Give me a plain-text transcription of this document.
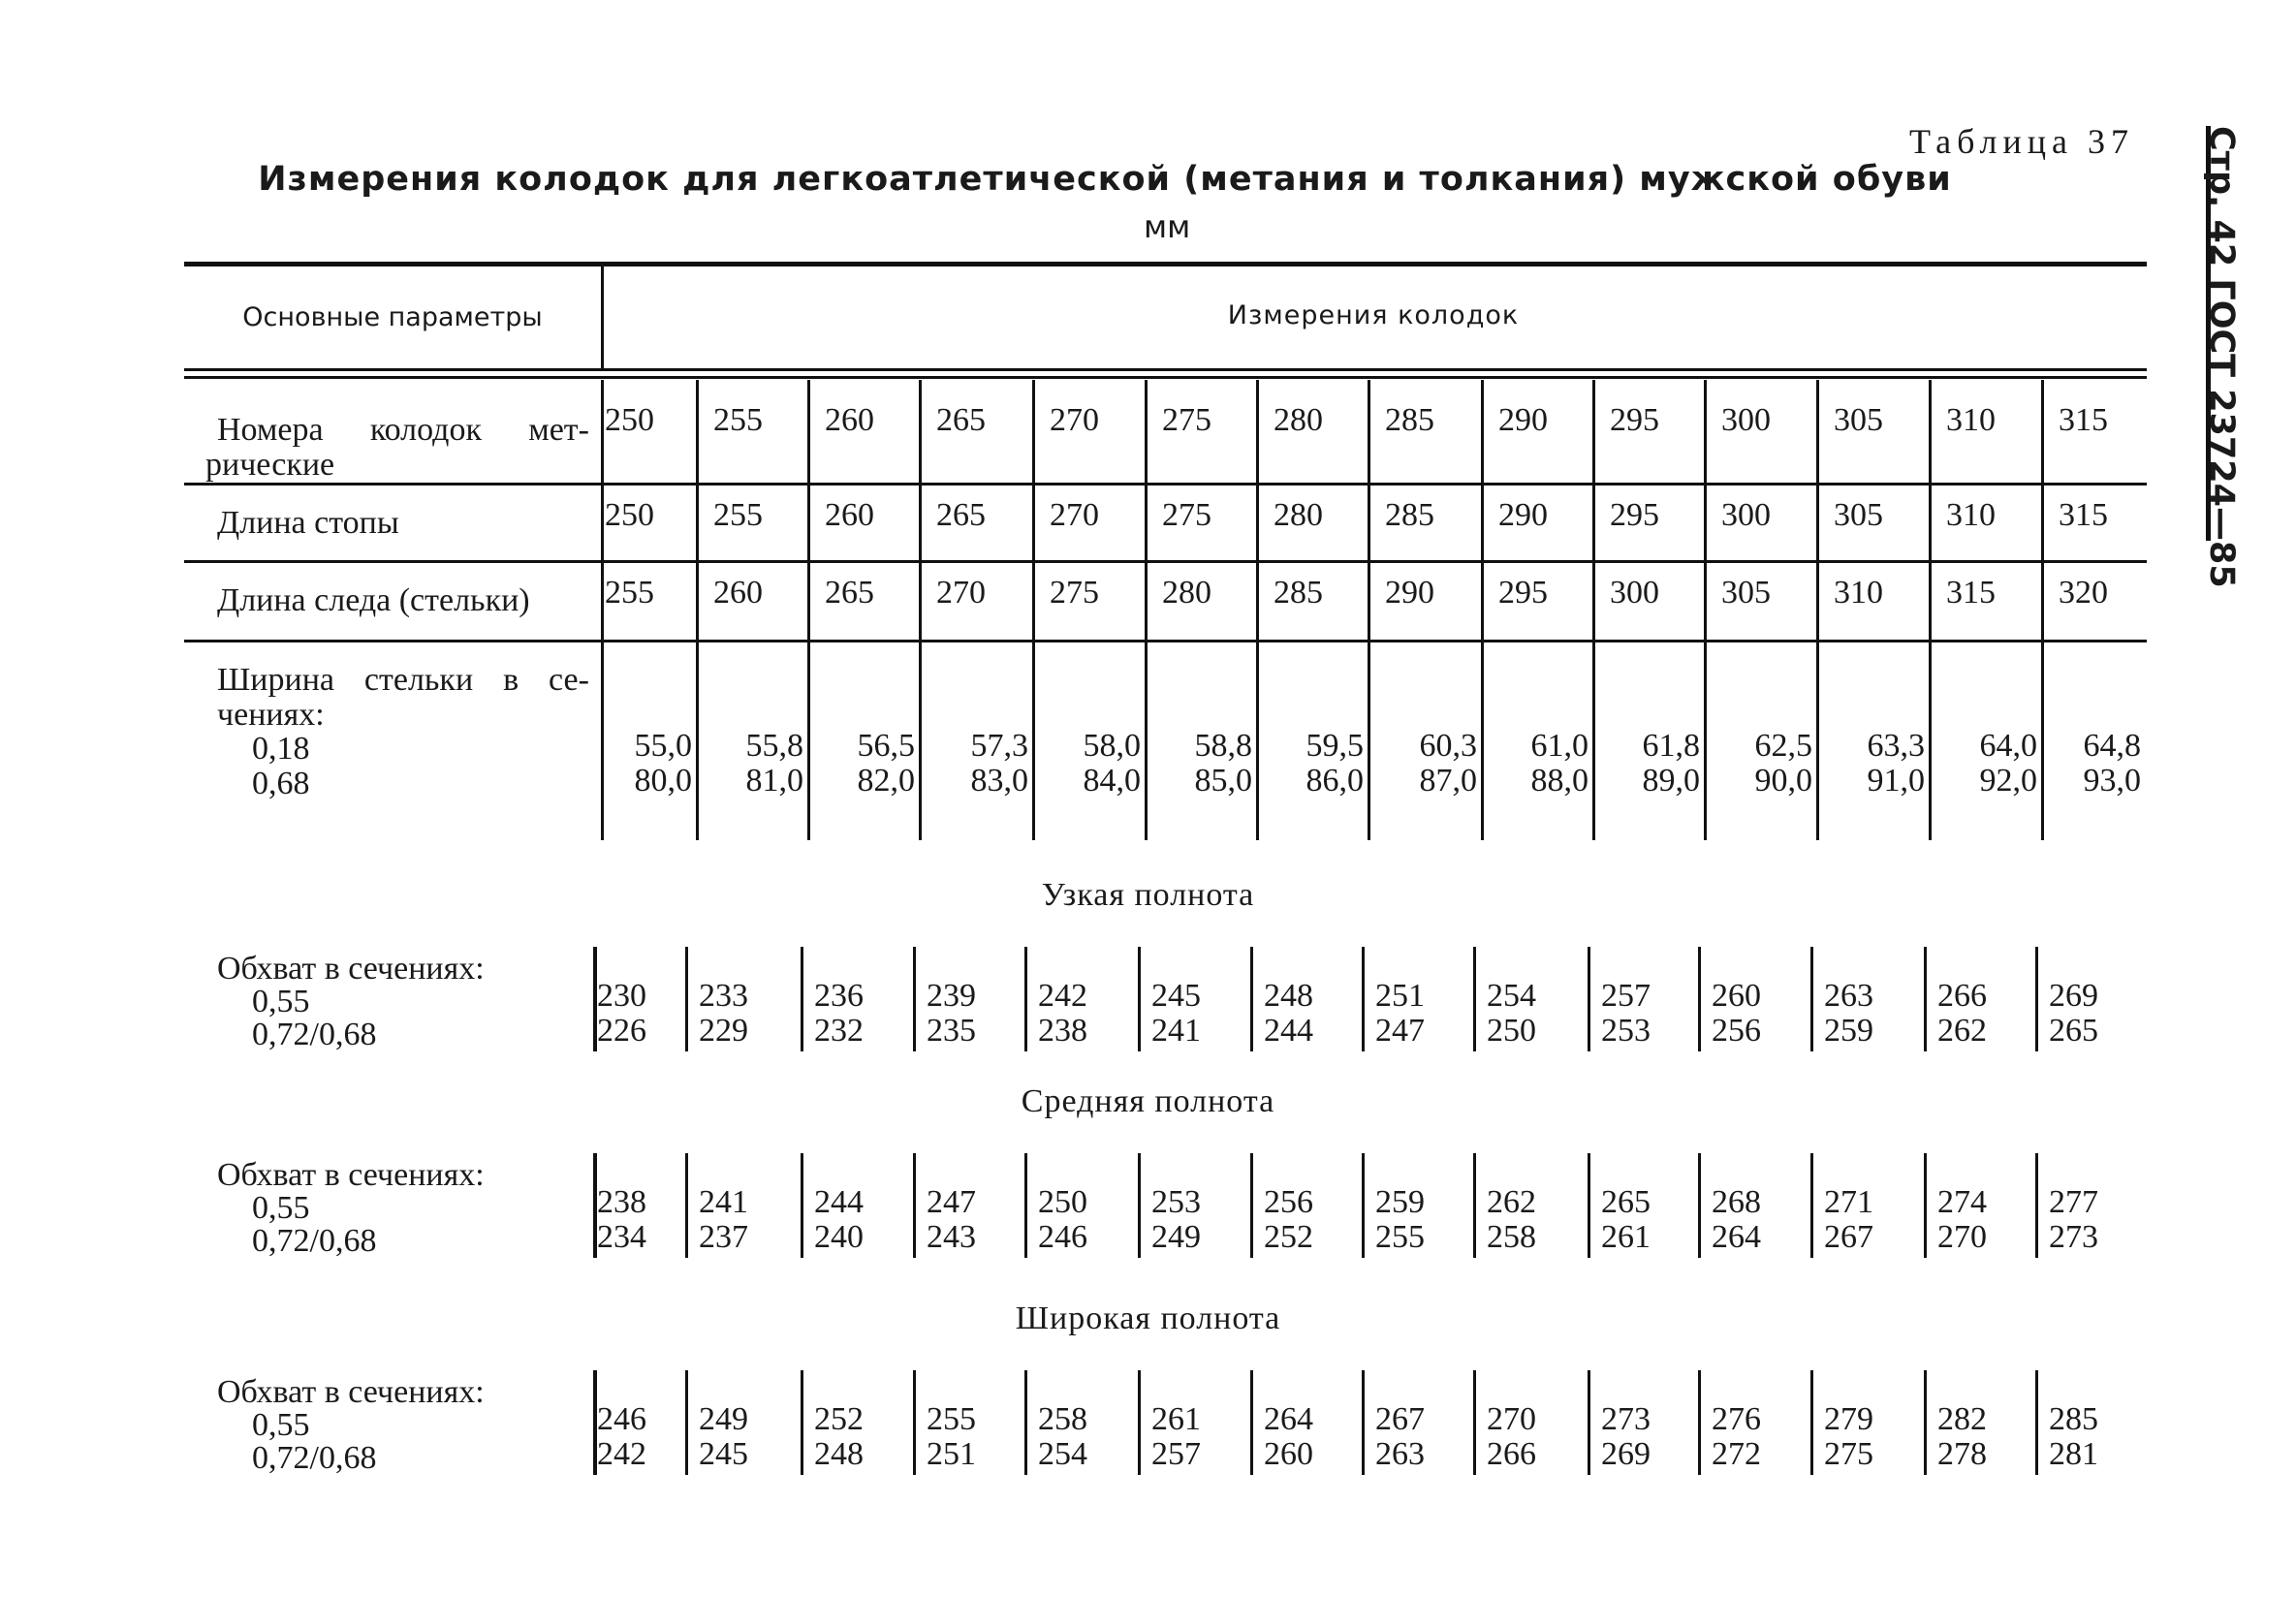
Таблица 37
Измерения колодок для легкоатлетической (метания и толкания) мужской обуви
мм	Стр. 42 ГОСТ 23724—85
Основные параметры	Измерения колодок
Номера колодок мет-
рические
Длина стопы
Длина следа (стельки)
Ширина стельки в се-
чениях:
0,18
0,68
250 255 260 265 270 275 280 285 290 295 300 305 310 315
250 255 260 265 270 275 280 285 290 295 300 305 310 315
255 260 265 270 275 280 285 290 295 300 305 310 315 320
55,0
80,0
55,8
81,0
56,5
82,0
57,3
83,0
58,0
84,0
58,8
85,0
59,5
86,0
60,3
87,0
61,0
88,0
61,8
89,0
62,5
90,0
63,3
91,0
64,0
92,0
64,8
93,0
Узкая полнота
Обхват в сечениях:
0,55
0,72/0,68
230
226
233
229
236
232
239
235
242
238
245
241
248
244
251
247
254
250
257
253
260
256
263
259
266
262
269
265
Средняя полнота
Обхват в сечениях:
0,55
0,72/0,68
238
234
241
237
244
240
247
243
250
246
253
249
256
252
259
255
262
258
265
261
268
264
271
267
274
270
277
273
Широкая полнота
Обхват в сечениях:
0,55
0,72/0,68
246
242
249
245
252
248
255
251
258
254
261
257
264
260
267
263
270
266
273
269
276
272
279
275
282
278
285
281
